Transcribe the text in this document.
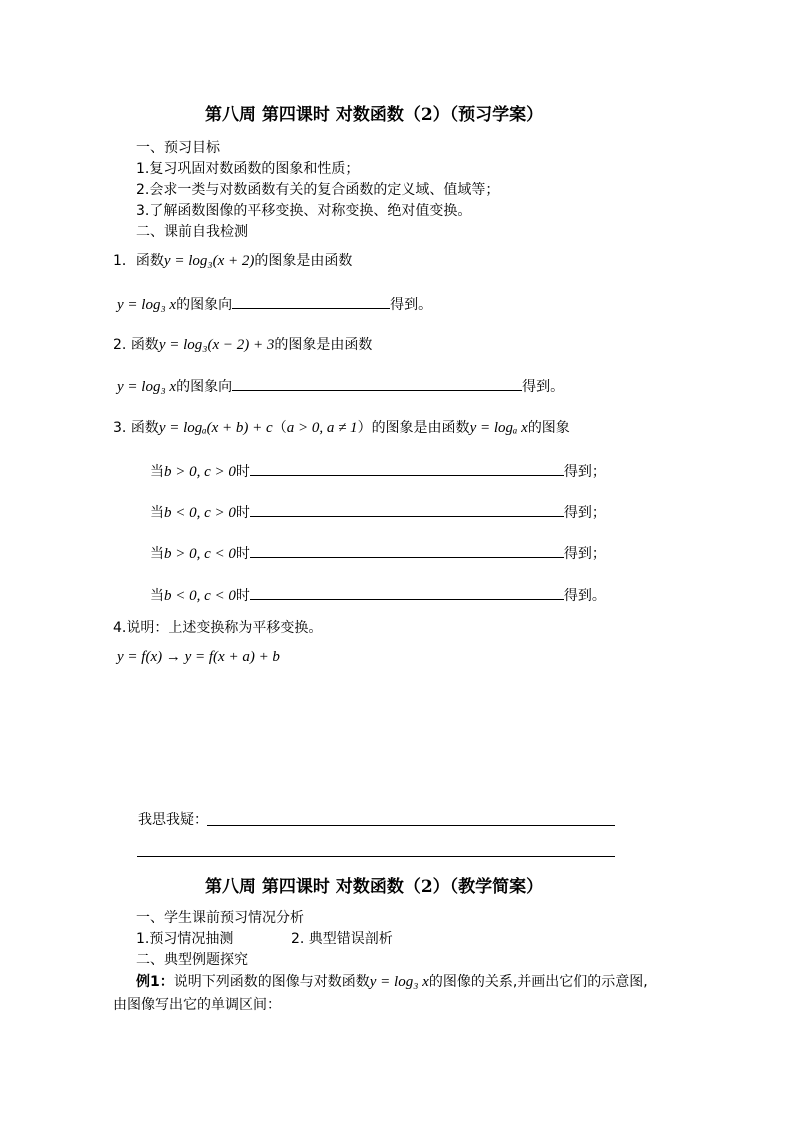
第八周 第四课时 对数函数（2）（预习学案）
一、预习目标
1.复习巩固对数函数的图象和性质；
2.会求一类与对数函数有关的复合函数的定义域、值域等；
3.了解函数图像的平移变换、对称变换、绝对值变换。
二、课前自我检测
1．函数y = log₃(x + 2)的图象是由函数
y = log₃ x的图象向	得到。
2. 函数y = log₃(x − 2) + 3的图象是由函数
y = log₃ x的图象向	得到。
3. 函数y = logₐ(x + b) + c（a > 0, a ≠ 1）的图象是由函数y = logₐ x的图象
当b > 0, c > 0时	得到；
当b < 0, c > 0时	得到；
当b > 0, c < 0时	得到；
当b < 0, c < 0时	得到。
4.说明：上述变换称为平移变换。
y = f(x) → y = f(x + a) + b
我思我疑：
第八周 第四课时 对数函数（2）（教学简案）
一、学生课前预习情况分析
1.预习情况抽测	2. 典型错误剖析
二、典型例题探究
例1：说明下列函数的图像与对数函数y = log₃ x的图像的关系,并画出它们的示意图,
由图像写出它的单调区间：
